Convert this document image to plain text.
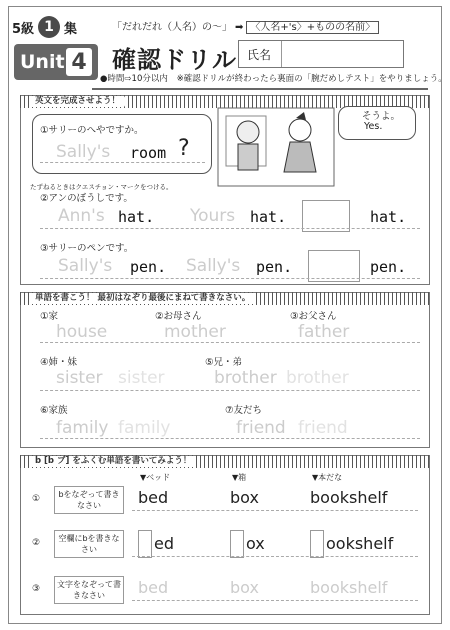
5級 1 集
Unit 4
「だれだれ（人名）の〜」 ➡ 〈人名+'s〉+ものの名前〉
確認ドリル 氏名
●時間⇨10分以内 ※確認ドリルが終わったら裏面の「腕だめしテスト」をやりましょう。
英文を完成させよう！
①サリーのへやですか。
Sally's room ?
たずねるときはクエスチョン・マークをつける。
そうよ。
Yes.
②アンのぼうしです。
Ann's hat. Yours hat.	hat.
③サリーのペンです。
Sally's pen. Sally's pen.	pen.
単語を書こう！ 最初はなぞり最後にまねて書きなさい。
①家	②お母さん	③お父さん
house	mother	father
④姉・妹	⑤兄・弟
sister sister	brother brother
⑥家族	⑦友だち
family family	friend friend
b [b ブ] をふくむ単語を書いてみよう！
▼ベッド	▼箱	▼本だな
①	bをなぞって書きなさい	bed	box	bookshelf
②	空欄にbを書きなさい	ed	ox	ookshelf
③	文字をなぞって書きなさい	bed	box	bookshelf
